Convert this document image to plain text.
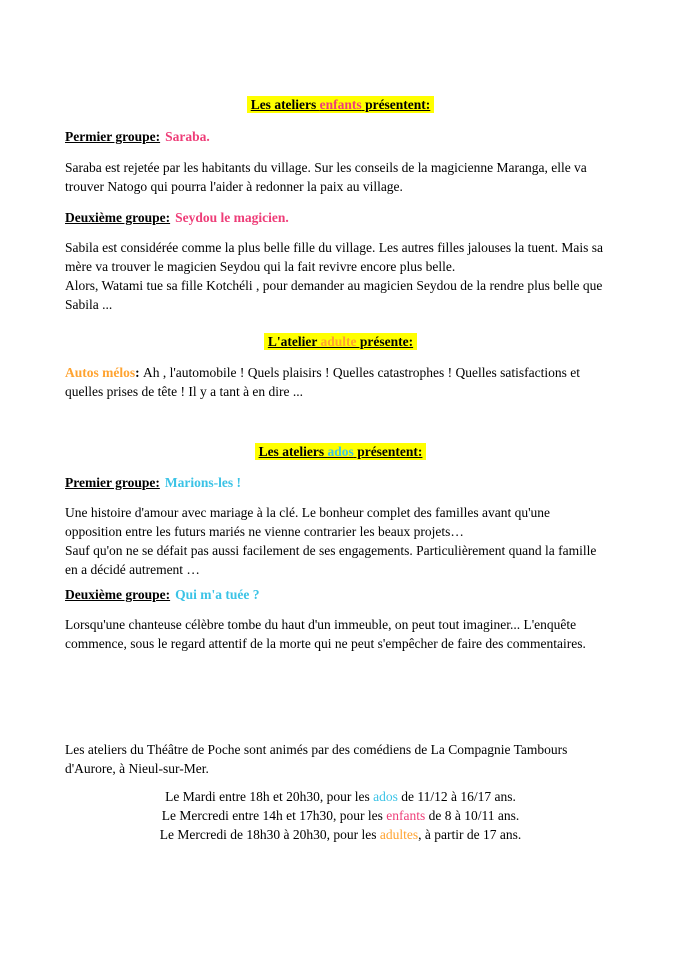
Les ateliers enfants présentent:
Permier groupe: Saraba.
Saraba est rejetée par les habitants du village. Sur les conseils de la magicienne Maranga, elle va
trouver Natogo qui pourra l'aider à redonner la paix au village.
Deuxième groupe: Seydou le magicien.
Sabila est considérée comme la plus belle fille du village. Les autres filles jalouses la tuent. Mais sa
mère va trouver le magicien Seydou qui la fait revivre encore plus belle.
Alors, Watami tue sa fille Kotchéli , pour demander au magicien Seydou de la rendre plus belle que
Sabila ...
L'atelier adulte présente:
Autos mélos: Ah , l'automobile ! Quels plaisirs ! Quelles catastrophes ! Quelles satisfactions et
quelles prises de tête ! Il y a tant à en dire ...
Les ateliers ados présentent:
Premier groupe: Marions-les !
Une histoire d'amour avec mariage à la clé. Le bonheur complet des familles avant qu'une
opposition entre les futurs mariés ne vienne contrarier les beaux projets…
Sauf qu'on ne se défait pas aussi facilement de ses engagements. Particulièrement quand la famille
en a décidé autrement …
Deuxième groupe: Qui m'a tuée ?
Lorsqu'une chanteuse célèbre tombe du haut d'un immeuble, on peut tout imaginer... L'enquête
commence, sous le regard attentif de la morte qui ne peut s'empêcher de faire des commentaires.
Les ateliers du Théâtre de Poche sont animés par des comédiens de La Compagnie Tambours
d'Aurore, à Nieul-sur-Mer.
Le Mardi entre 18h et 20h30, pour les ados de 11/12 à 16/17 ans.
Le Mercredi entre 14h et 17h30, pour les enfants de 8 à 10/11 ans.
Le Mercredi de 18h30 à 20h30, pour les adultes, à partir de 17 ans.
